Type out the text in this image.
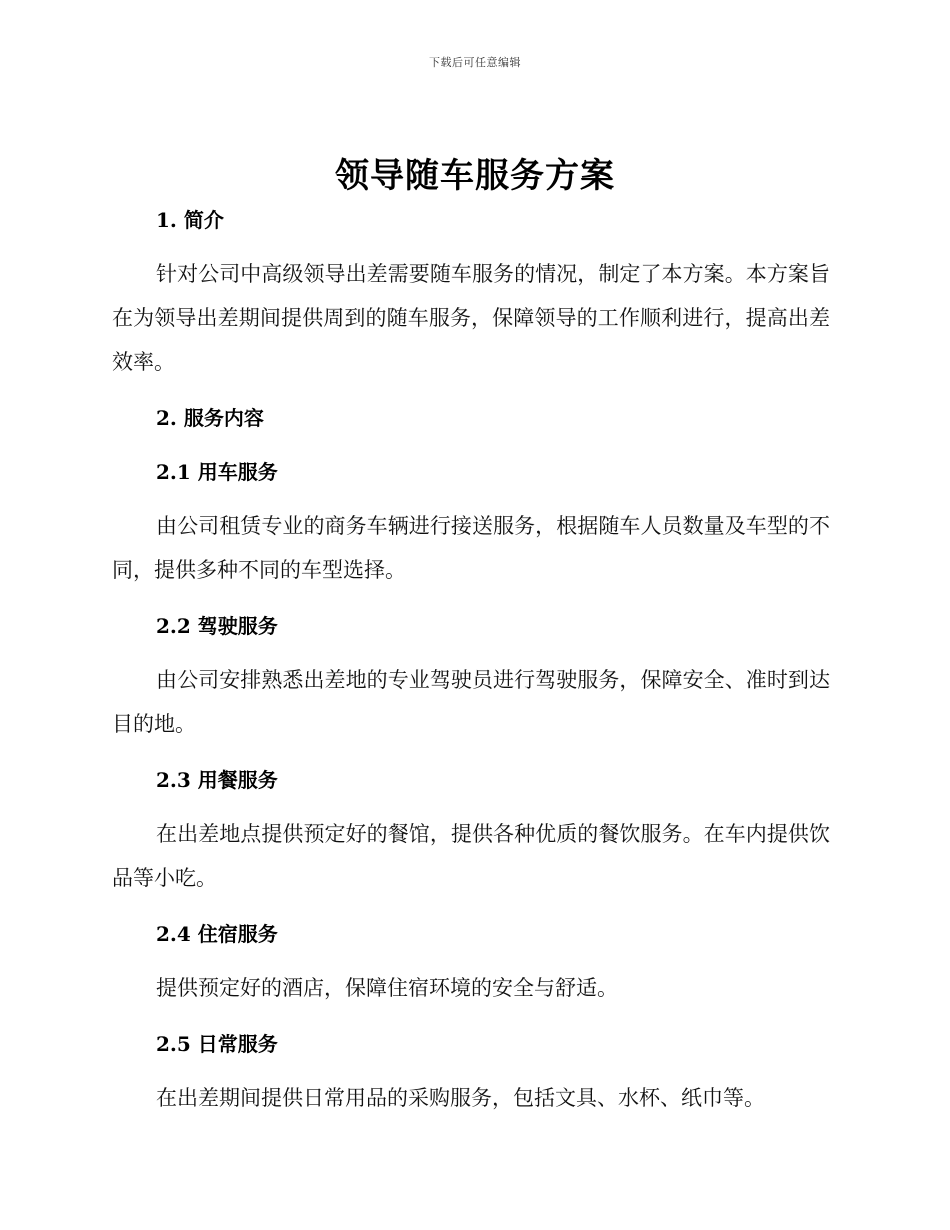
下载后可任意编辑
领导随车服务方案
1. 简介

针对公司中高级领导出差需要随车服务的情况，制定了本方案。本方案旨在为领导出差期间提供周到的随车服务，保障领导的工作顺利进行，提高出差效率。

2. 服务内容
2.1 用车服务

由公司租赁专业的商务车辆进行接送服务，根据随车人员数量及车型的不同，提供多种不同的车型选择。

2.2 驾驶服务

由公司安排熟悉出差地的专业驾驶员进行驾驶服务，保障安全、准时到达目的地。

2.3 用餐服务

在出差地点提供预定好的餐馆，提供各种优质的餐饮服务。在车内提供饮品等小吃。

2.4 住宿服务

提供预定好的酒店，保障住宿环境的安全与舒适。

2.5 日常服务

在出差期间提供日常用品的采购服务，包括文具、水杯、纸巾等。
